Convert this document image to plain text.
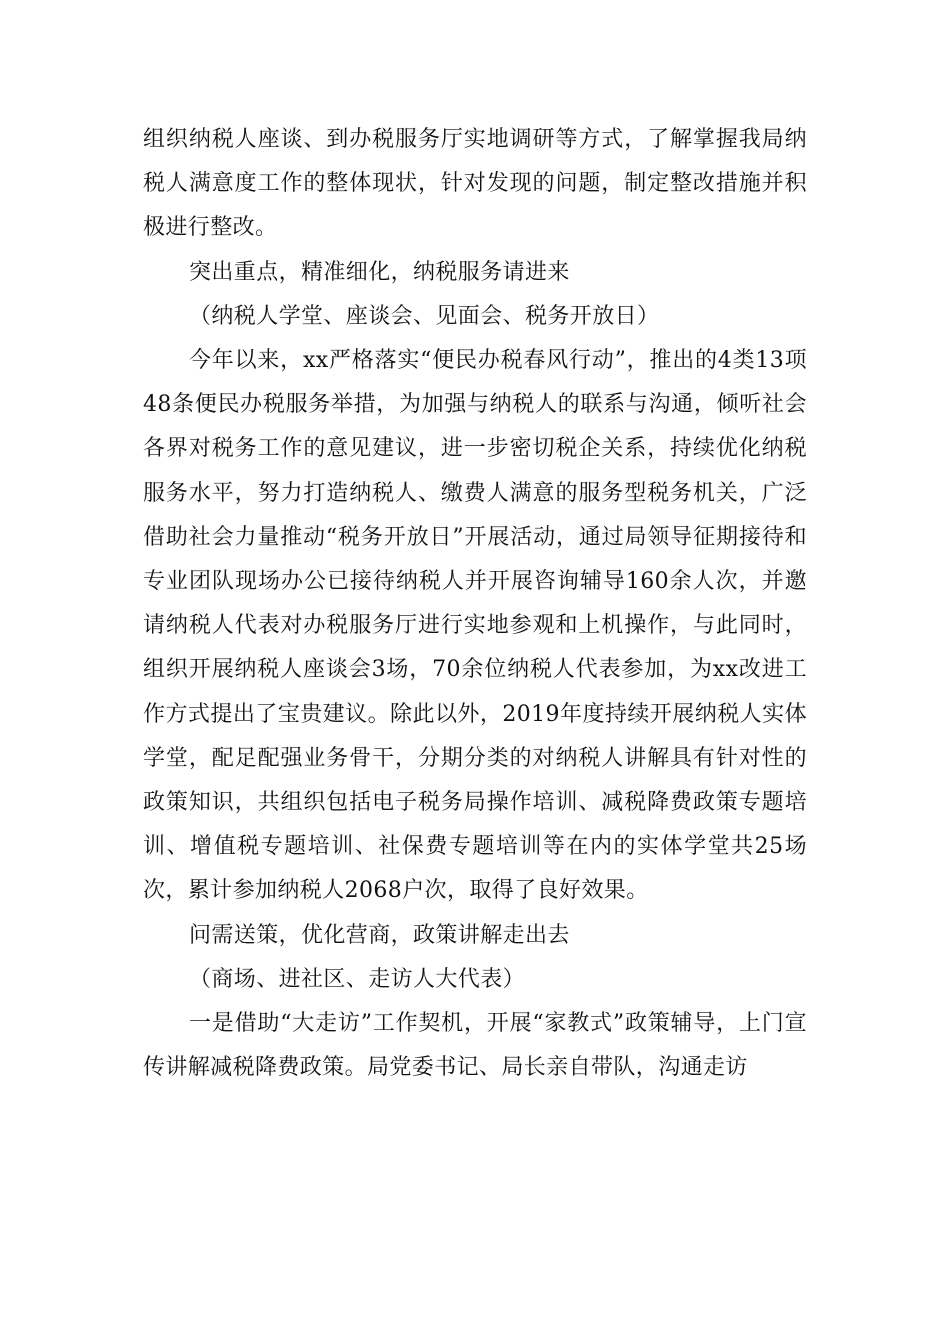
组织纳税人座谈、到办税服务厅实地调研等方式，了解掌握我局纳税人满意度工作的整体现状，针对发现的问题，制定整改措施并积极进行整改。

突出重点，精准细化，纳税服务请进来

（纳税人学堂、座谈会、见面会、税务开放日）

今年以来，xx严格落实“便民办税春风行动”，推出的4类13项48条便民办税服务举措，为加强与纳税人的联系与沟通，倾听社会各界对税务工作的意见建议，进一步密切税企关系，持续优化纳税服务水平，努力打造纳税人、缴费人满意的服务型税务机关，广泛借助社会力量推动“税务开放日”开展活动，通过局领导征期接待和专业团队现场办公已接待纳税人并开展咨询辅导160余人次，并邀请纳税人代表对办税服务厅进行实地参观和上机操作，与此同时，组织开展纳税人座谈会3场，70余位纳税人代表参加，为xx改进工作方式提出了宝贵建议。除此以外，2019年度持续开展纳税人实体学堂，配足配强业务骨干，分期分类的对纳税人讲解具有针对性的政策知识，共组织包括电子税务局操作培训、减税降费政策专题培训、增值税专题培训、社保费专题培训等在内的实体学堂共25场次，累计参加纳税人2068户次，取得了良好效果。

问需送策，优化营商，政策讲解走出去

（商场、进社区、走访人大代表）

一是借助“大走访”工作契机，开展“家教式”政策辅导，上门宣传讲解减税降费政策。局党委书记、局长亲自带队，沟通走访
